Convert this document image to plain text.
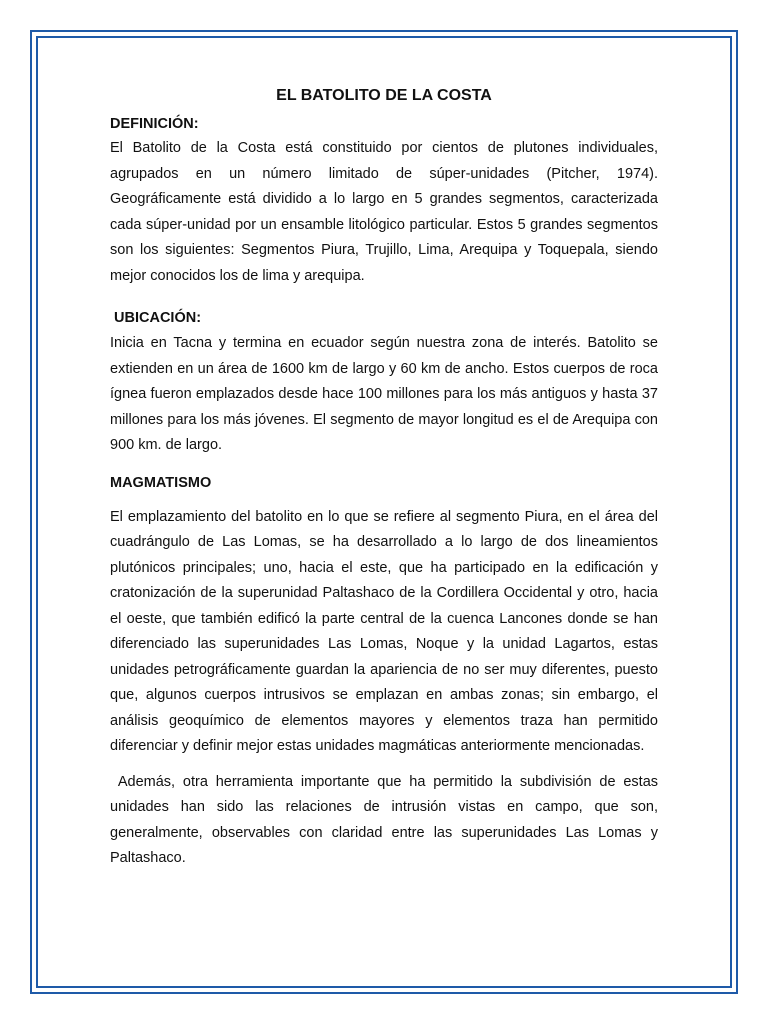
EL BATOLITO DE LA COSTA

DEFINICIÓN:

El Batolito de la Costa está constituido por cientos de plutones individuales, agrupados en un número limitado de súper-unidades (Pitcher, 1974). Geográficamente está dividido a lo largo en 5 grandes segmentos, caracterizada cada súper-unidad por un ensamble litológico particular. Estos 5 grandes segmentos son los siguientes: Segmentos Piura, Trujillo, Lima, Arequipa y Toquepala, siendo mejor conocidos los de lima y arequipa.

UBICACIÓN:

Inicia en Tacna y termina en ecuador según nuestra zona de interés. Batolito se extienden en un área de 1600 km de largo y 60 km de ancho. Estos cuerpos de roca ígnea fueron emplazados desde hace 100 millones para los más antiguos y hasta 37 millones para los más jóvenes. El segmento de mayor longitud es el de Arequipa con 900 km. de largo.

MAGMATISMO

El emplazamiento del batolito en lo que se refiere al segmento Piura, en el área del cuadrángulo de Las Lomas, se ha desarrollado a lo largo de dos lineamientos plutónicos principales; uno, hacia el este, que ha participado en la edificación y cratonización de la superunidad Paltashaco de la Cordillera Occidental y otro, hacia el oeste, que también edificó la parte central de la cuenca Lancones donde se han diferenciado las superunidades Las Lomas, Noque y la unidad Lagartos, estas unidades petrográficamente guardan la apariencia de no ser muy diferentes, puesto que, algunos cuerpos intrusivos se emplazan en ambas zonas; sin embargo, el análisis geoquímico de elementos mayores y elementos traza han permitido diferenciar y definir mejor estas unidades magmáticas anteriormente mencionadas.

Además, otra herramienta importante que ha permitido la subdivisión de estas unidades han sido las relaciones de intrusión vistas en campo, que son, generalmente, observables con claridad entre las superunidades Las Lomas y Paltashaco.
